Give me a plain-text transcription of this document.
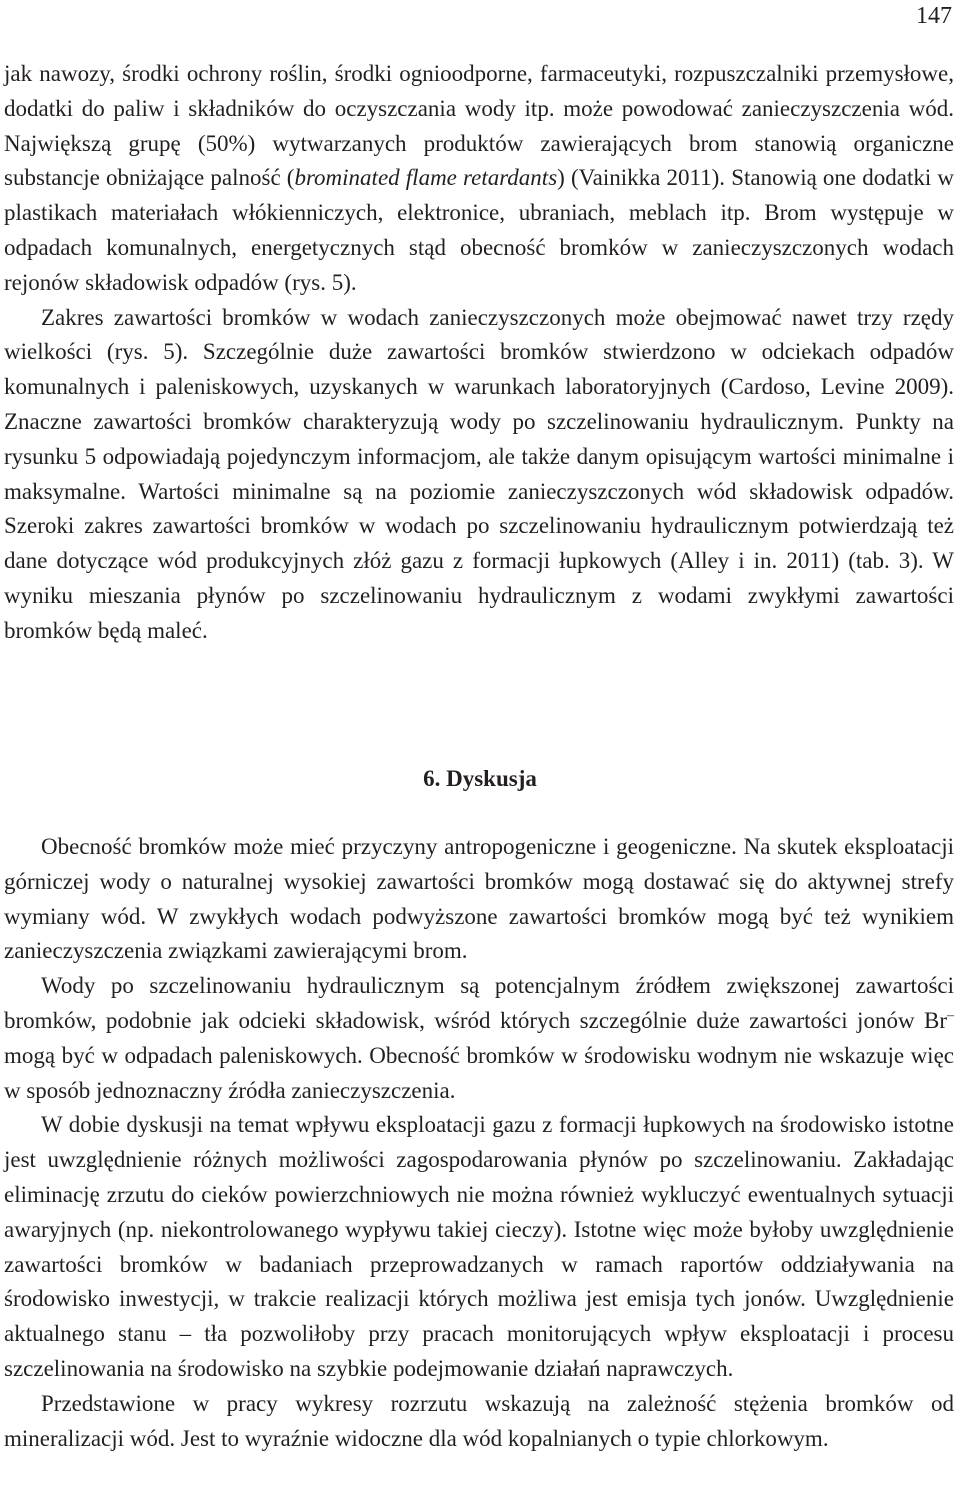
147

jak nawozy, środki ochrony roślin, środki ognioodporne, farmaceutyki, rozpuszczalniki przemysłowe, dodatki do paliw i składników do oczyszczania wody itp. może powodować zanieczyszczenia wód. Największą grupę (50%) wytwarzanych produktów zawierających brom stanowią organiczne substancje obniżające palność (brominated flame retardants) (Vainikka 2011). Stanowią one dodatki w plastikach materiałach włókienniczych, elektronice, ubraniach, meblach itp. Brom występuje w odpadach komunalnych, energetycznych stąd obecność bromków w zanieczyszczonych wodach rejonów składowisk odpadów (rys. 5).

Zakres zawartości bromków w wodach zanieczyszczonych może obejmować nawet trzy rzędy wielkości (rys. 5). Szczególnie duże zawartości bromków stwierdzono w odciekach odpadów komunalnych i paleniskowych, uzyskanych w warunkach laboratoryjnych (Cardoso, Levine 2009). Znaczne zawartości bromków charakteryzują wody po szczelinowaniu hydraulicznym. Punkty na rysunku 5 odpowiadają pojedynczym informacjom, ale także danym opisującym wartości minimalne i maksymalne. Wartości minimalne są na poziomie zanieczyszczonych wód składowisk odpadów. Szeroki zakres zawartości bromków w wodach po szczelinowaniu hydraulicznym potwierdzają też dane dotyczące wód produkcyjnych złóż gazu z formacji łupkowych (Alley i in. 2011) (tab. 3). W wyniku mieszania płynów po szczelinowaniu hydraulicznym z wodami zwykłymi zawartości bromków będą maleć.

6. Dyskusja

Obecność bromków może mieć przyczyny antropogeniczne i geogeniczne. Na skutek eksploatacji górniczej wody o naturalnej wysokiej zawartości bromków mogą dostawać się do aktywnej strefy wymiany wód. W zwykłych wodach podwyższone zawartości bromków mogą być też wynikiem zanieczyszczenia związkami zawierającymi brom.

Wody po szczelinowaniu hydraulicznym są potencjalnym źródłem zwiększonej zawartości bromków, podobnie jak odcieki składowisk, wśród których szczególnie duże zawartości jonów Br– mogą być w odpadach paleniskowych. Obecność bromków w środowisku wodnym nie wskazuje więc w sposób jednoznaczny źródła zanieczyszczenia.

W dobie dyskusji na temat wpływu eksploatacji gazu z formacji łupkowych na środowisko istotne jest uwzględnienie różnych możliwości zagospodarowania płynów po szczelinowaniu. Zakładając eliminację zrzutu do cieków powierzchniowych nie można również wykluczyć ewentualnych sytuacji awaryjnych (np. niekontrolowanego wypływu takiej cieczy). Istotne więc może byłoby uwzględnienie zawartości bromków w badaniach przeprowadzanych w ramach raportów oddziaływania na środowisko inwestycji, w trakcie realizacji których możliwa jest emisja tych jonów. Uwzględnienie aktualnego stanu – tła pozwoliłoby przy pracach monitorujących wpływ eksploatacji i procesu szczelinowania na środowisko na szybkie podejmowanie działań naprawczych.

Przedstawione w pracy wykresy rozrzutu wskazują na zależność stężenia bromków od mineralizacji wód. Jest to wyraźnie widoczne dla wód kopalnianych o typie chlorkowym.
